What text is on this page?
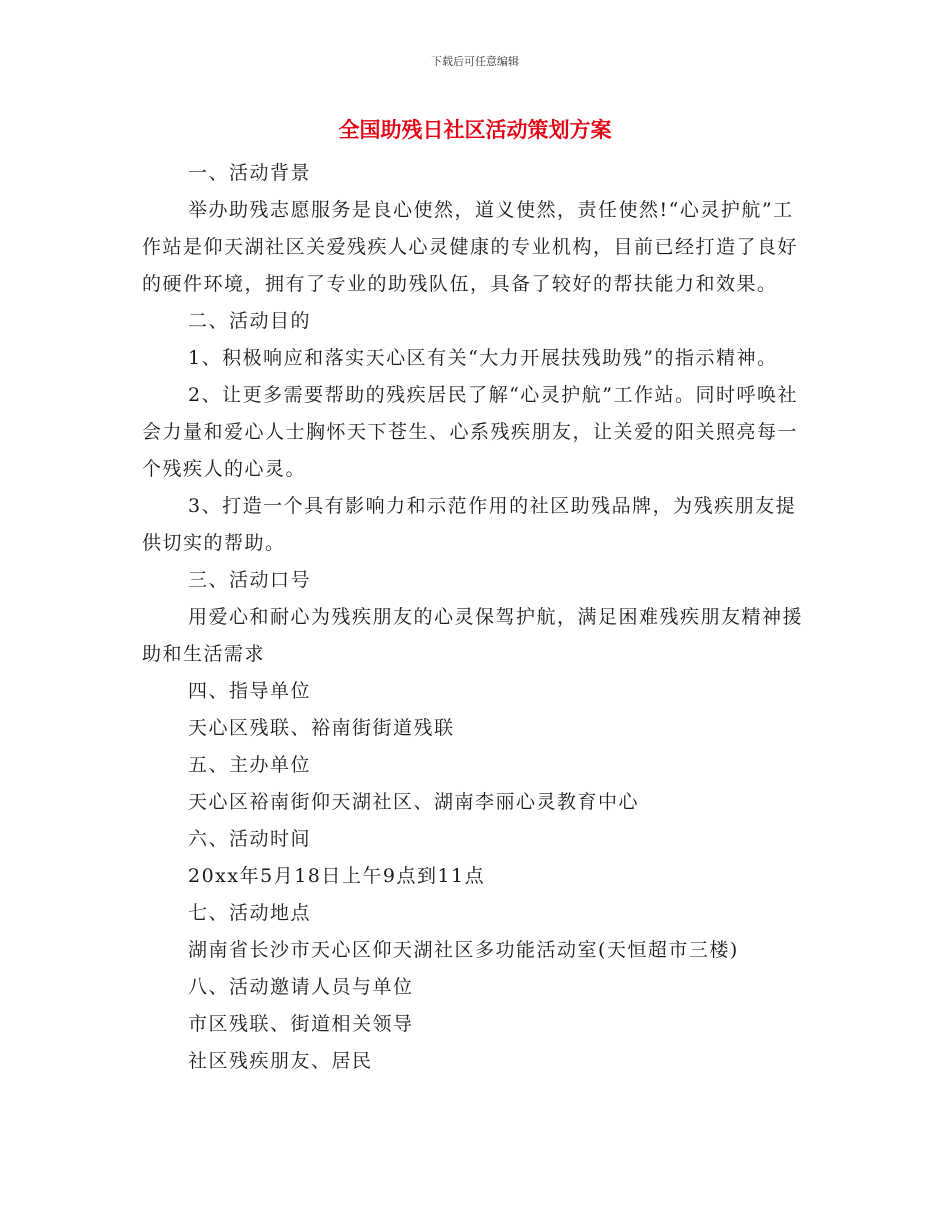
下载后可任意编辑
全国助残日社区活动策划方案

一、活动背景

举办助残志愿服务是良心使然，道义使然，责任使然!“心灵护航”工作站是仰天湖社区关爱残疾人心灵健康的专业机构，目前已经打造了良好的硬件环境，拥有了专业的助残队伍，具备了较好的帮扶能力和效果。

二、活动目的

1、积极响应和落实天心区有关“大力开展扶残助残”的指示精神。

2、让更多需要帮助的残疾居民了解“心灵护航”工作站。同时呼唤社会力量和爱心人士胸怀天下苍生、心系残疾朋友，让关爱的阳关照亮每一个残疾人的心灵。

3、打造一个具有影响力和示范作用的社区助残品牌，为残疾朋友提供切实的帮助。

三、活动口号

用爱心和耐心为残疾朋友的心灵保驾护航，满足困难残疾朋友精神援助和生活需求

四、指导单位

天心区残联、裕南街街道残联

五、主办单位

天心区裕南街仰天湖社区、湖南李丽心灵教育中心

六、活动时间

20xx年5月18日上午9点到11点

七、活动地点

湖南省长沙市天心区仰天湖社区多功能活动室(天恒超市三楼)

八、活动邀请人员与单位

市区残联、街道相关领导

社区残疾朋友、居民
